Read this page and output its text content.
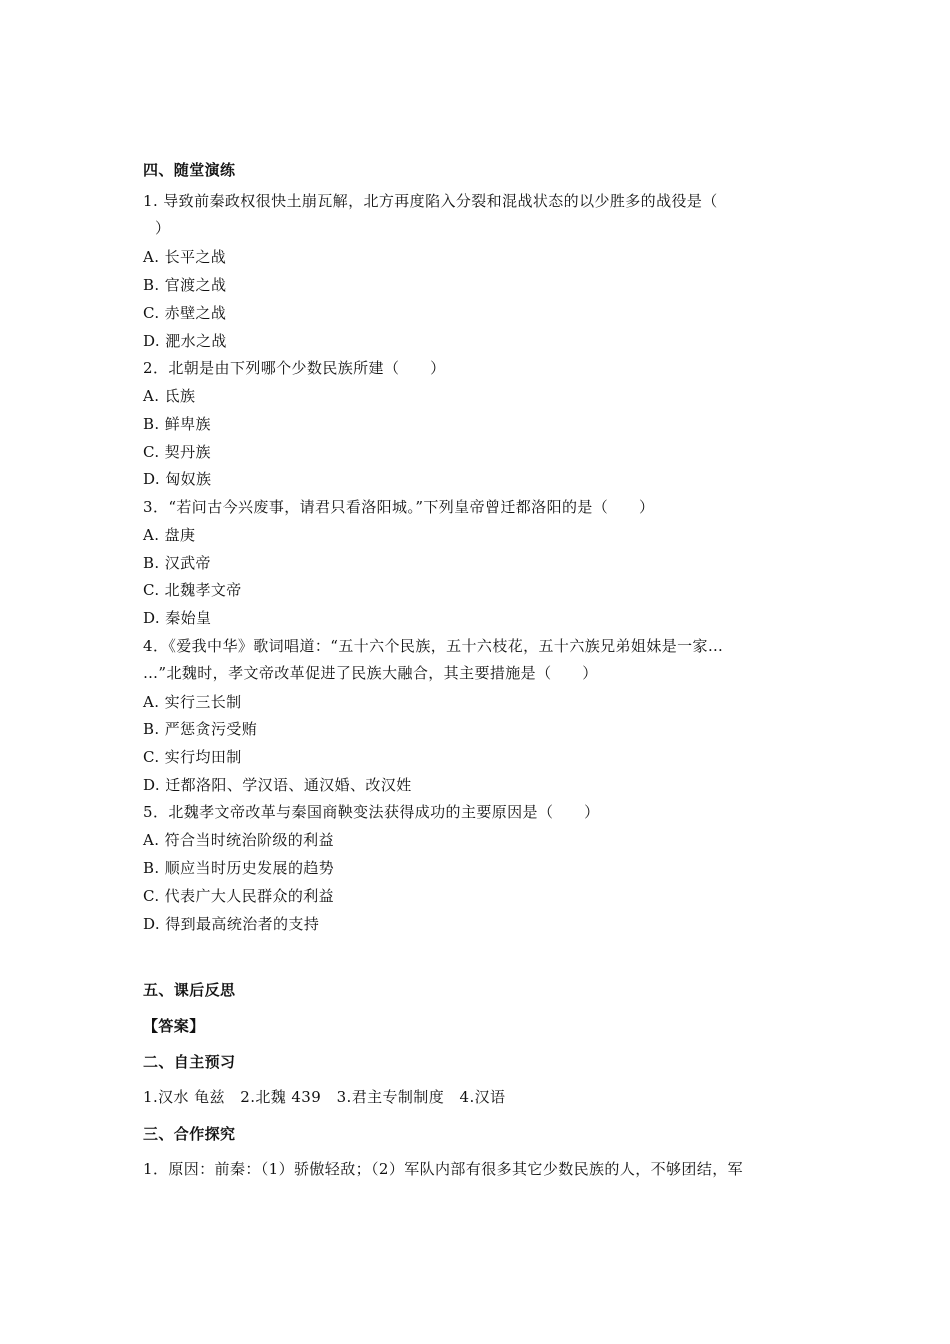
四、随堂演练
1. 导致前秦政权很快土崩瓦解，北方再度陷入分裂和混战状态的以少胜多的战役是（
）
A. 长平之战
B. 官渡之战
C. 赤壁之战
D. 淝水之战
2．北朝是由下列哪个少数民族所建（　　）
A. 氐族
B. 鲜卑族
C. 契丹族
D. 匈奴族
3．“若问古今兴废事，请君只看洛阳城。”下列皇帝曾迁都洛阳的是（　　）
A. 盘庚
B. 汉武帝
C. 北魏孝文帝
D. 秦始皇
4．《爱我中华》歌词唱道：“五十六个民族，五十六枝花，五十六族兄弟姐妹是一家…
…”北魏时，孝文帝改革促进了民族大融合，其主要措施是（　　）
A. 实行三长制
B. 严惩贪污受贿
C. 实行均田制
D. 迁都洛阳、学汉语、通汉婚、改汉姓
5．北魏孝文帝改革与秦国商鞅变法获得成功的主要原因是（　　）
A. 符合当时统治阶级的利益
B. 顺应当时历史发展的趋势
C. 代表广大人民群众的利益
D. 得到最高统治者的支持
五、课后反思
【答案】
二、自主预习
1.汉水 龟兹　2.北魏 439　3.君主专制制度　4.汉语
三、合作探究
1．原因：前秦：（1）骄傲轻敌；（2）军队内部有很多其它少数民族的人，不够团结，军
